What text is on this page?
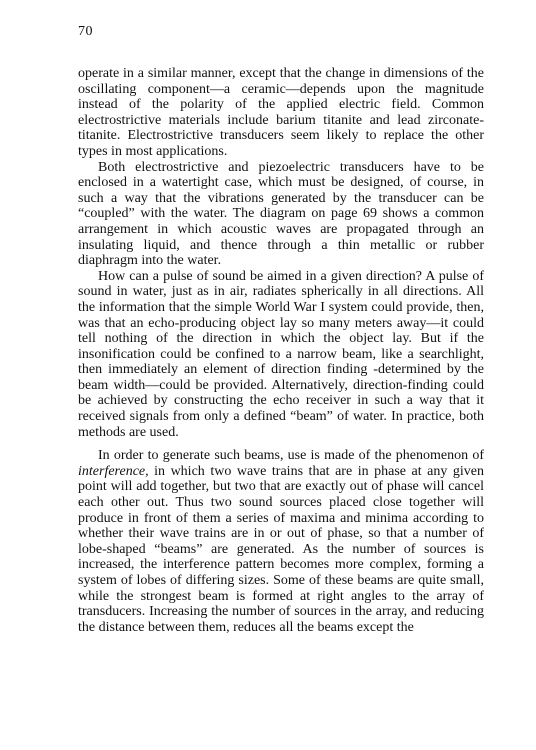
70

operate in a similar manner, except that the change in dimensions of the oscillating component—a ceramic—depends upon the magnitude instead of the polarity of the applied electric field. Common electrostrictive materials include barium titanite and lead zirconate-titanite. Electrostrictive transducers seem likely to replace the other types in most applications.

Both electrostrictive and piezoelectric transducers have to be enclosed in a watertight case, which must be designed, of course, in such a way that the vibrations generated by the transducer can be “coupled” with the water. The diagram on page 69 shows a common arrangement in which acoustic waves are propagated through an insulating liquid, and thence through a thin metallic or rubber diaphragm into the water.

How can a pulse of sound be aimed in a given direction? A pulse of sound in water, just as in air, radiates spherically in all directions. All the information that the simple World War I system could provide, then, was that an echo-producing object lay so many meters away—it could tell nothing of the direction in which the object lay. But if the insonification could be confined to a narrow beam, like a searchlight, then immediately an element of direction finding -determined by the beam width—could be provided. Alternatively, direction-finding could be achieved by constructing the echo receiver in such a way that it received signals from only a defined “beam” of water. In practice, both methods are used.

In order to generate such beams, use is made of the phenomenon of interference, in which two wave trains that are in phase at any given point will add together, but two that are exactly out of phase will cancel each other out. Thus two sound sources placed close together will produce in front of them a series of maxima and minima according to whether their wave trains are in or out of phase, so that a number of lobe-shaped “beams” are generated. As the number of sources is increased, the interference pattern becomes more complex, forming a system of lobes of differing sizes. Some of these beams are quite small, while the strongest beam is formed at right angles to the array of transducers. Increasing the number of sources in the array, and reducing the distance between them, reduces all the beams except the
